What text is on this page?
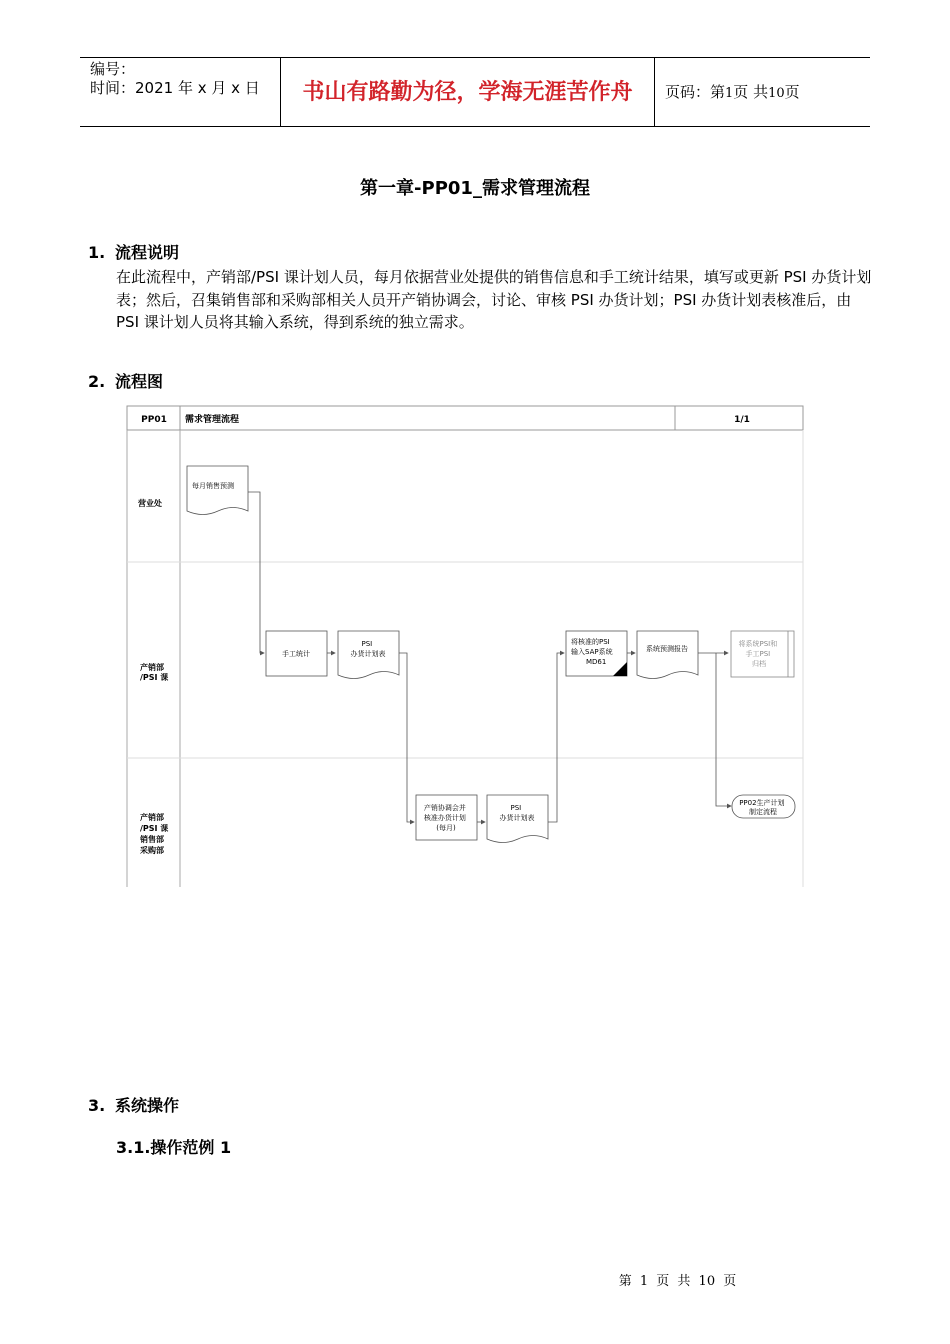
编号：
时间：2021 年 x 月 x 日	书山有路勤为径，学海无涯苦作舟	页码：第1页 共10页
第一章-PP01_需求管理流程
1. 流程说明
在此流程中，产销部/PSI 课计划人员，每月依据营业处提供的销售信息和手工统计结果，填写或更新 PSI 办货计划表；然后，召集销售部和采购部相关人员开产销协调会，讨论、审核 PSI 办货计划；PSI 办货计划表核准后，由 PSI 课计划人员将其输入系统，得到系统的独立需求。
2. 流程图
PP01 需求管理流程	1/1
营业处
产销部 /PSI 课
产销部 /PSI 课 销售部 采购部
每月销售预测
手工统计
PSI 办货计划表
将核准的PSI 输入SAP系统 MD61
系统预测报告
将系统PSI和 手工PSI 归档
PP02生产计划 制定流程
产销协调会并 核准办货计划 (每月)
PSI 办货计划表
3. 系统操作
3.1.操作范例 1
第 1 页 共 10 页
